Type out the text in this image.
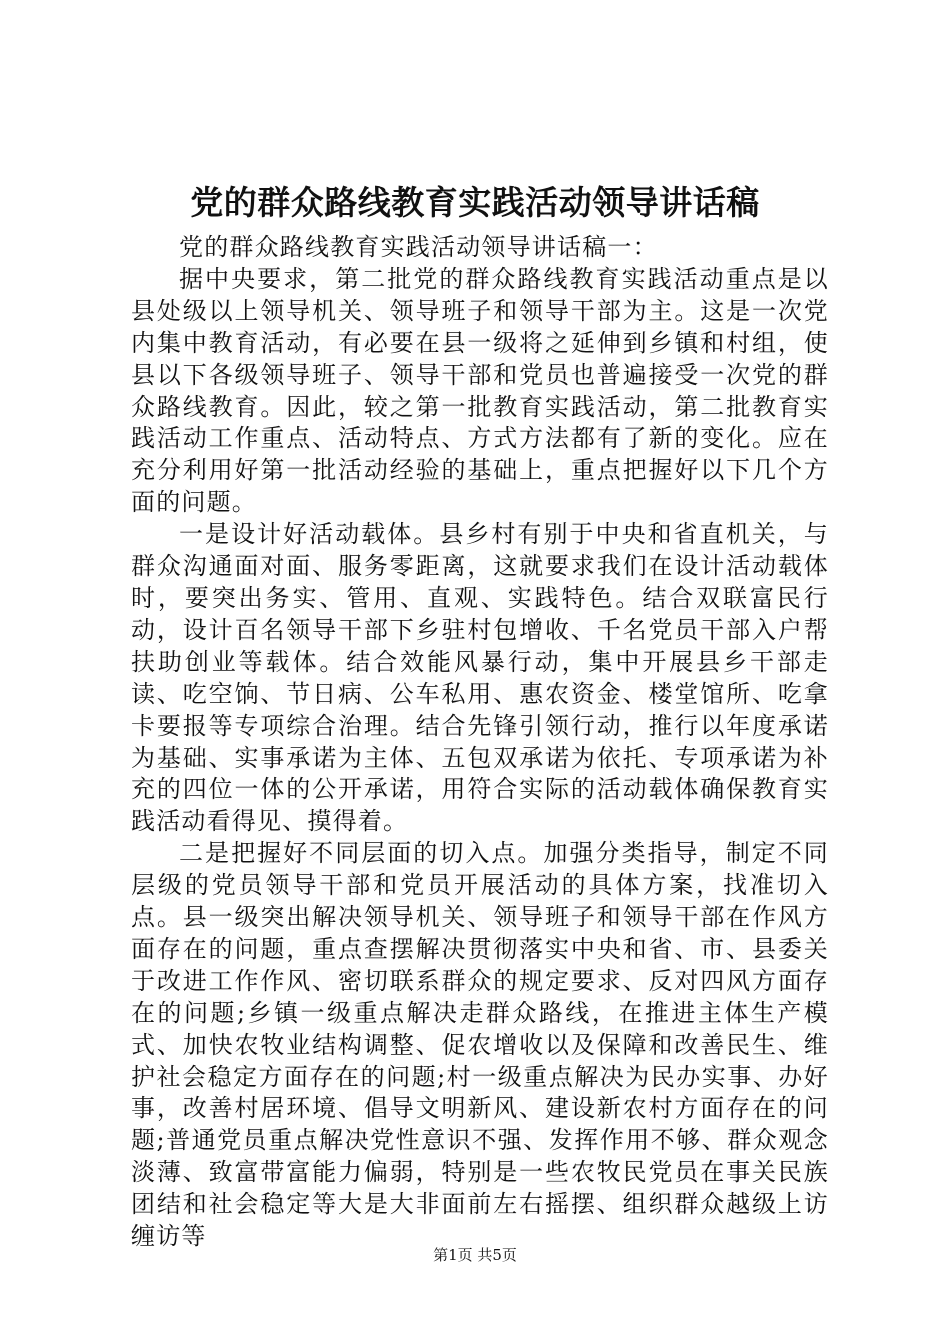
党的群众路线教育实践活动领导讲话稿

党的群众路线教育实践活动领导讲话稿一：

据中央要求，第二批党的群众路线教育实践活动重点是以县处级以上领导机关、领导班子和领导干部为主。这是一次党内集中教育活动，有必要在县一级将之延伸到乡镇和村组，使县以下各级领导班子、领导干部和党员也普遍接受一次党的群众路线教育。因此，较之第一批教育实践活动，第二批教育实践活动工作重点、活动特点、方式方法都有了新的变化。应在充分利用好第一批活动经验的基础上，重点把握好以下几个方面的问题。

一是设计好活动载体。县乡村有别于中央和省直机关，与群众沟通面对面、服务零距离，这就要求我们在设计活动载体时，要突出务实、管用、直观、实践特色。结合双联富民行动，设计百名领导干部下乡驻村包增收、千名党员干部入户帮扶助创业等载体。结合效能风暴行动，集中开展县乡干部走读、吃空饷、节日病、公车私用、惠农资金、楼堂馆所、吃拿卡要报等专项综合治理。结合先锋引领行动，推行以年度承诺为基础、实事承诺为主体、五包双承诺为依托、专项承诺为补充的四位一体的公开承诺，用符合实际的活动载体确保教育实践活动看得见、摸得着。

二是把握好不同层面的切入点。加强分类指导，制定不同层级的党员领导干部和党员开展活动的具体方案，找准切入点。县一级突出解决领导机关、领导班子和领导干部在作风方面存在的问题，重点查摆解决贯彻落实中央和省、市、县委关于改进工作作风、密切联系群众的规定要求、反对四风方面存在的问题;乡镇一级重点解决走群众路线，在推进主体生产模式、加快农牧业结构调整、促农增收以及保障和改善民生、维护社会稳定方面存在的问题;村一级重点解决为民办实事、办好事，改善村居环境、倡导文明新风、建设新农村方面存在的问题;普通党员重点解决党性意识不强、发挥作用不够、群众观念淡薄、致富带富能力偏弱，特别是一些农牧民党员在事关民族团结和社会稳定等大是大非面前左右摇摆、组织群众越级上访缠访等

第1页 共5页
